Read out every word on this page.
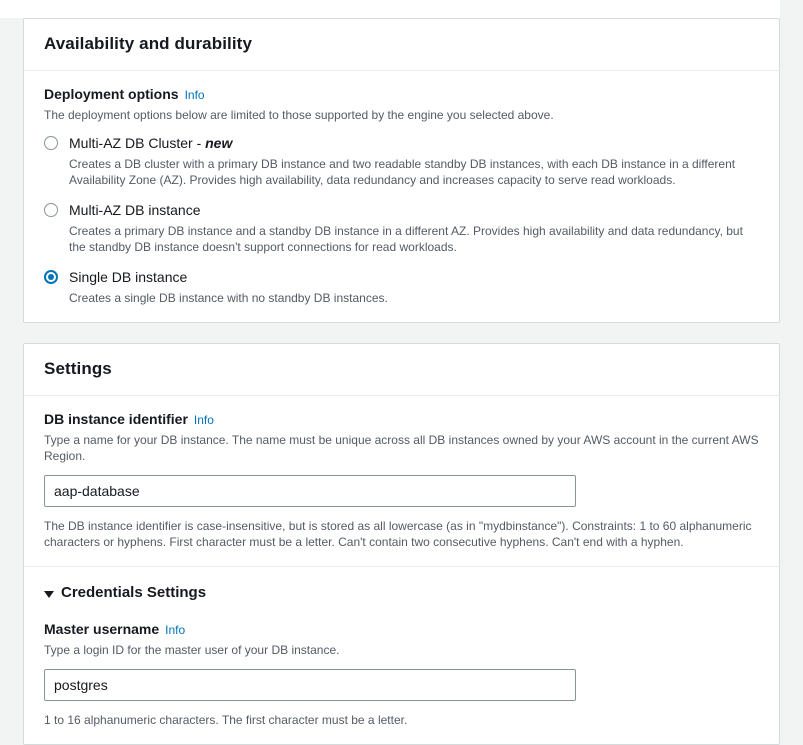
Availability and durability
Deployment options Info
The deployment options below are limited to those supported by the engine you selected above.
Multi-AZ DB Cluster - new
Creates a DB cluster with a primary DB instance and two readable standby DB instances, with each DB instance in a different Availability Zone (AZ). Provides high availability, data redundancy and increases capacity to serve read workloads.
Multi-AZ DB instance
Creates a primary DB instance and a standby DB instance in a different AZ. Provides high availability and data redundancy, but the standby DB instance doesn't support connections for read workloads.
Single DB instance
Creates a single DB instance with no standby DB instances.
Settings
DB instance identifier Info
Type a name for your DB instance. The name must be unique across all DB instances owned by your AWS account in the current AWS Region.
aap-database
The DB instance identifier is case-insensitive, but is stored as all lowercase (as in "mydbinstance"). Constraints: 1 to 60 alphanumeric characters or hyphens. First character must be a letter. Can't contain two consecutive hyphens. Can't end with a hyphen.
Credentials Settings
Master username Info
Type a login ID for the master user of your DB instance.
postgres
1 to 16 alphanumeric characters. The first character must be a letter.
